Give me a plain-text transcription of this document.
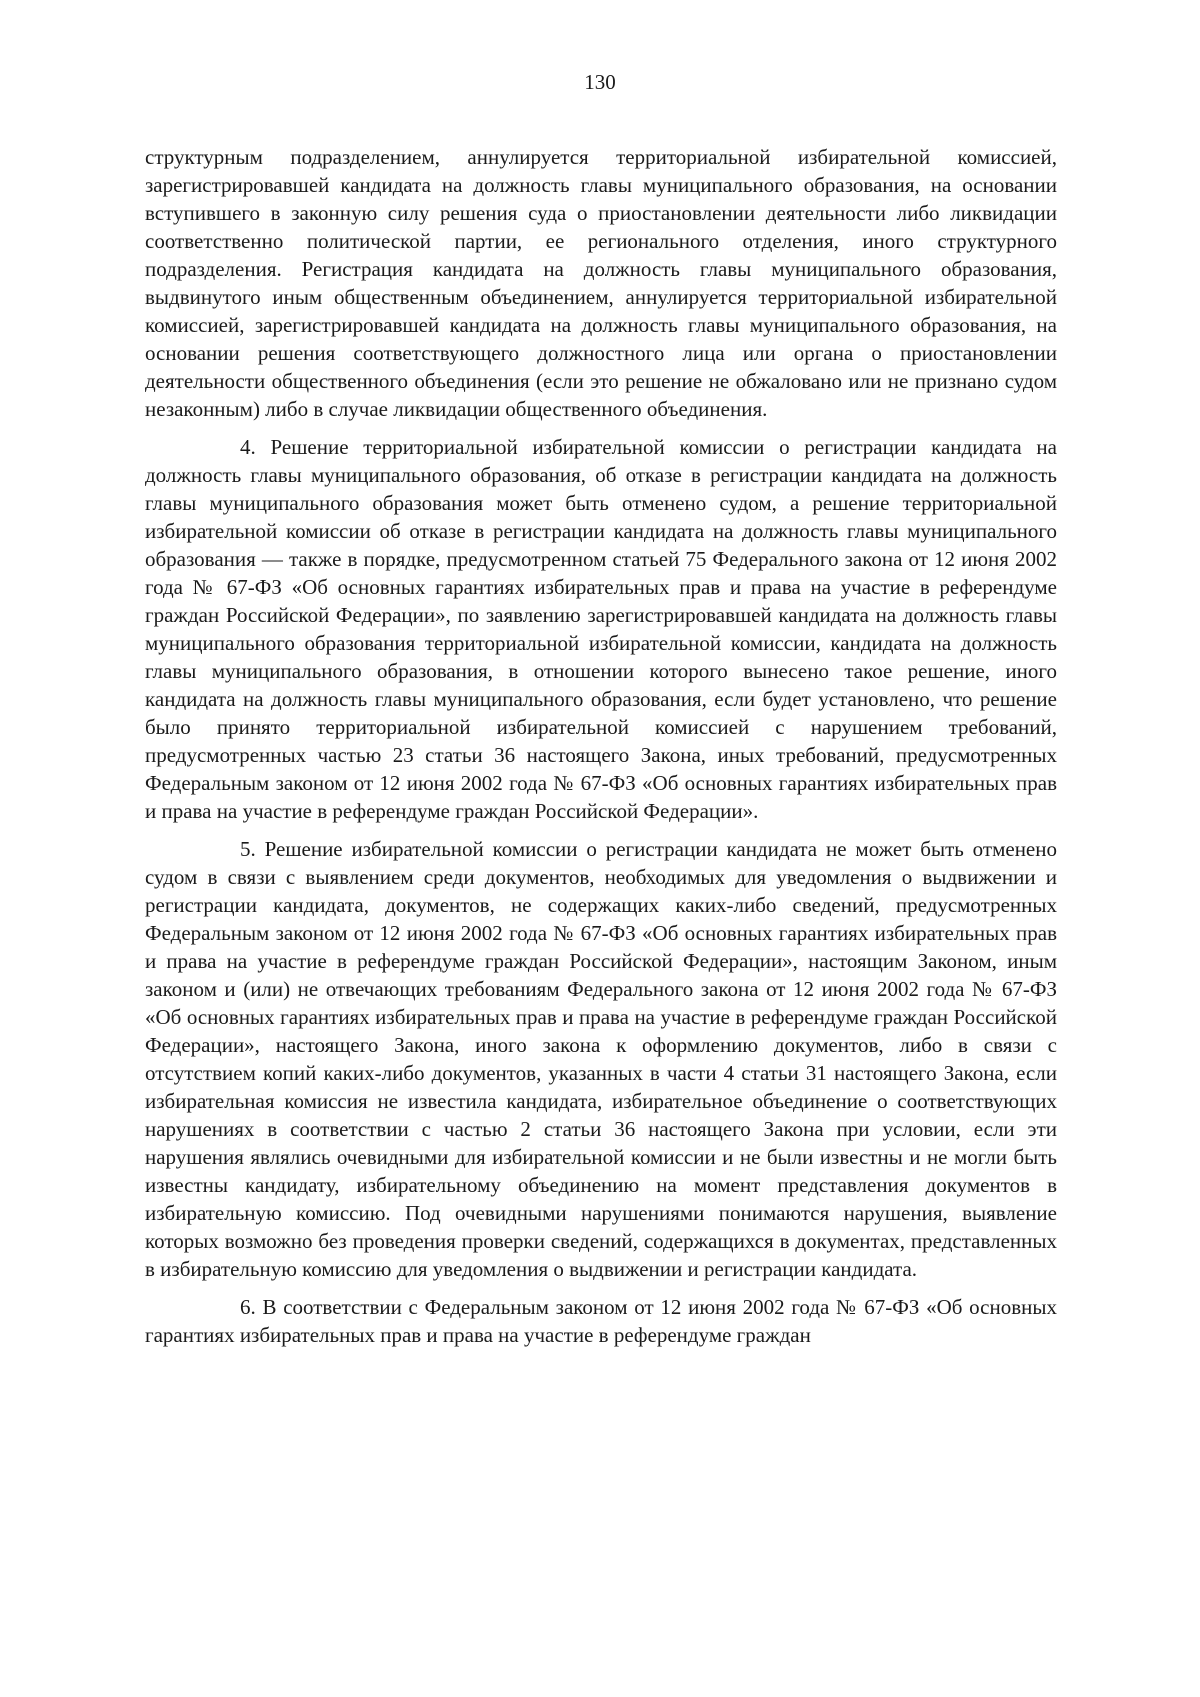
130

структурным подразделением, аннулируется территориальной избирательной комиссией, зарегистрировавшей кандидата на должность главы муниципального образования, на основании вступившего в законную силу решения суда о приостановлении деятельности либо ликвидации соответственно политической партии, ее регионального отделения, иного структурного подразделения. Регистрация кандидата на должность главы муниципального образования, выдвинутого иным общественным объединением, аннулируется территориальной избирательной комиссией, зарегистрировавшей кандидата на должность главы муниципального образования, на основании решения соответствующего должностного лица или органа о приостановлении деятельности общественного объединения (если это решение не обжаловано или не признано судом незаконным) либо в случае ликвидации общественного объединения.

4. Решение территориальной избирательной комиссии о регистрации кандидата на должность главы муниципального образования, об отказе в регистрации кандидата на должность главы муниципального образования может быть отменено судом, а решение территориальной избирательной комиссии об отказе в регистрации кандидата на должность главы муниципального образования — также в порядке, предусмотренном статьей 75 Федерального закона от 12 июня 2002 года № 67-ФЗ «Об основных гарантиях избирательных прав и права на участие в референдуме граждан Российской Федерации», по заявлению зарегистрировавшей кандидата на должность главы муниципального образования территориальной избирательной комиссии, кандидата на должность главы муниципального образования, в отношении которого вынесено такое решение, иного кандидата на должность главы муниципального образования, если будет установлено, что решение было принято территориальной избирательной комиссией с нарушением требований, предусмотренных частью 23 статьи 36 настоящего Закона, иных требований, предусмотренных Федеральным законом от 12 июня 2002 года № 67-ФЗ «Об основных гарантиях избирательных прав и права на участие в референдуме граждан Российской Федерации».

5. Решение избирательной комиссии о регистрации кандидата не может быть отменено судом в связи с выявлением среди документов, необходимых для уведомления о выдвижении и регистрации кандидата, документов, не содержащих каких-либо сведений, предусмотренных Федеральным законом от 12 июня 2002 года № 67-ФЗ «Об основных гарантиях избирательных прав и права на участие в референдуме граждан Российской Федерации», настоящим Законом, иным законом и (или) не отвечающих требованиям Федерального закона от 12 июня 2002 года № 67-ФЗ «Об основных гарантиях избирательных прав и права на участие в референдуме граждан Российской Федерации», настоящего Закона, иного закона к оформлению документов, либо в связи с отсутствием копий каких-либо документов, указанных в части 4 статьи 31 настоящего Закона, если избирательная комиссия не известила кандидата, избирательное объединение о соответствующих нарушениях в соответствии с частью 2 статьи 36 настоящего Закона при условии, если эти нарушения являлись очевидными для избирательной комиссии и не были известны и не могли быть известны кандидату, избирательному объединению на момент представления документов в избирательную комиссию. Под очевидными нарушениями понимаются нарушения, выявление которых возможно без проведения проверки сведений, содержащихся в документах, представленных в избирательную комиссию для уведомления о выдвижении и регистрации кандидата.

6. В соответствии с Федеральным законом от 12 июня 2002 года № 67-ФЗ «Об основных гарантиях избирательных прав и права на участие в референдуме граждан
